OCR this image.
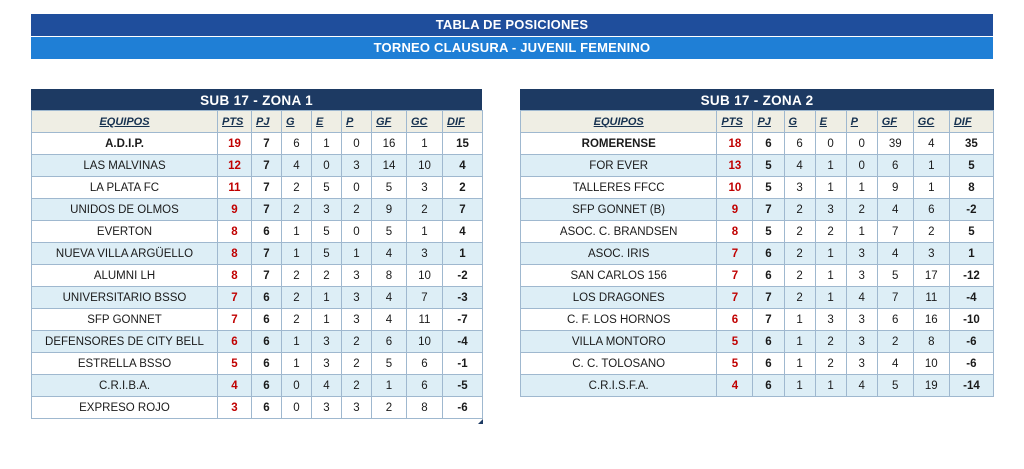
TABLA DE POSICIONES
TORNEO CLAUSURA - JUVENIL FEMENINO
SUB 17 - ZONA 1
EQUIPOS	PTS	PJ	G	E	P	GF	GC	DIF
A.D.I.P.	19	7	6	1	0	16	1	15
LAS MALVINAS	12	7	4	0	3	14	10	4
LA PLATA FC	11	7	2	5	0	5	3	2
UNIDOS DE OLMOS	9	7	2	3	2	9	2	7
EVERTON	8	6	1	5	0	5	1	4
NUEVA VILLA ARGÜELLO	8	7	1	5	1	4	3	1
ALUMNI LH	8	7	2	2	3	8	10	-2
UNIVERSITARIO BSSO	7	6	2	1	3	4	7	-3
SFP GONNET	7	6	2	1	3	4	11	-7
DEFENSORES DE CITY BELL	6	6	1	3	2	6	10	-4
ESTRELLA BSSO	5	6	1	3	2	5	6	-1
C.R.I.B.A.	4	6	0	4	2	1	6	-5
EXPRESO ROJO	3	6	0	3	3	2	8	-6
SUB 17 - ZONA 2
EQUIPOS	PTS	PJ	G	E	P	GF	GC	DIF
ROMERENSE	18	6	6	0	0	39	4	35
FOR EVER	13	5	4	1	0	6	1	5
TALLERES FFCC	10	5	3	1	1	9	1	8
SFP GONNET (B)	9	7	2	3	2	4	6	-2
ASOC. C. BRANDSEN	8	5	2	2	1	7	2	5
ASOC. IRIS	7	6	2	1	3	4	3	1
SAN CARLOS 156	7	6	2	1	3	5	17	-12
LOS DRAGONES	7	7	2	1	4	7	11	-4
C. F. LOS HORNOS	6	7	1	3	3	6	16	-10
VILLA MONTORO	5	6	1	2	3	2	8	-6
C. C. TOLOSANO	5	6	1	2	3	4	10	-6
C.R.I.S.F.A.	4	6	1	1	4	5	19	-14
